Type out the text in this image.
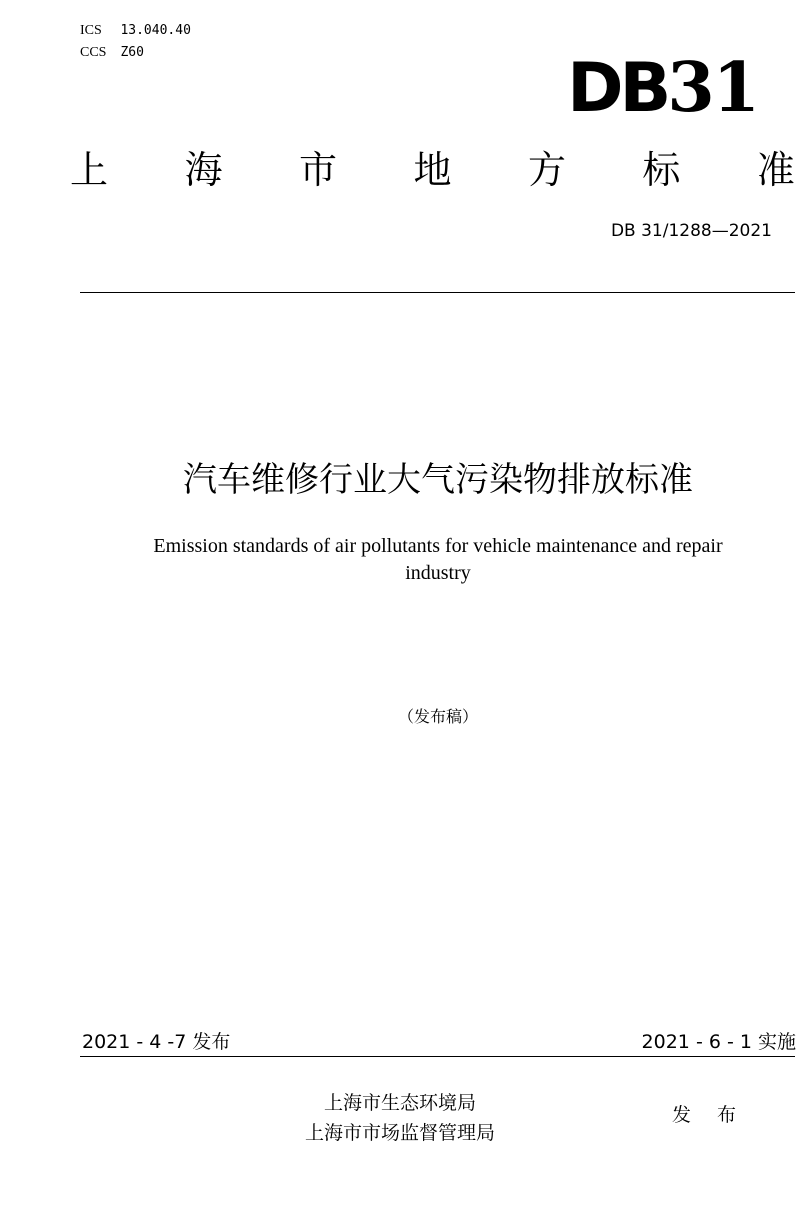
ICS 13.040.40
CCS Z60	DB31
上 海 市 地 方 标 准
DB 31/1288—2021
汽车维修行业大气污染物排放标准
Emission standards of air pollutants for vehicle maintenance and repair industry
（发布稿）
2021 - 4 -7 发布	2021 - 6 - 1 实施
上海市生态环境局
上海市市场监督管理局
发 布
